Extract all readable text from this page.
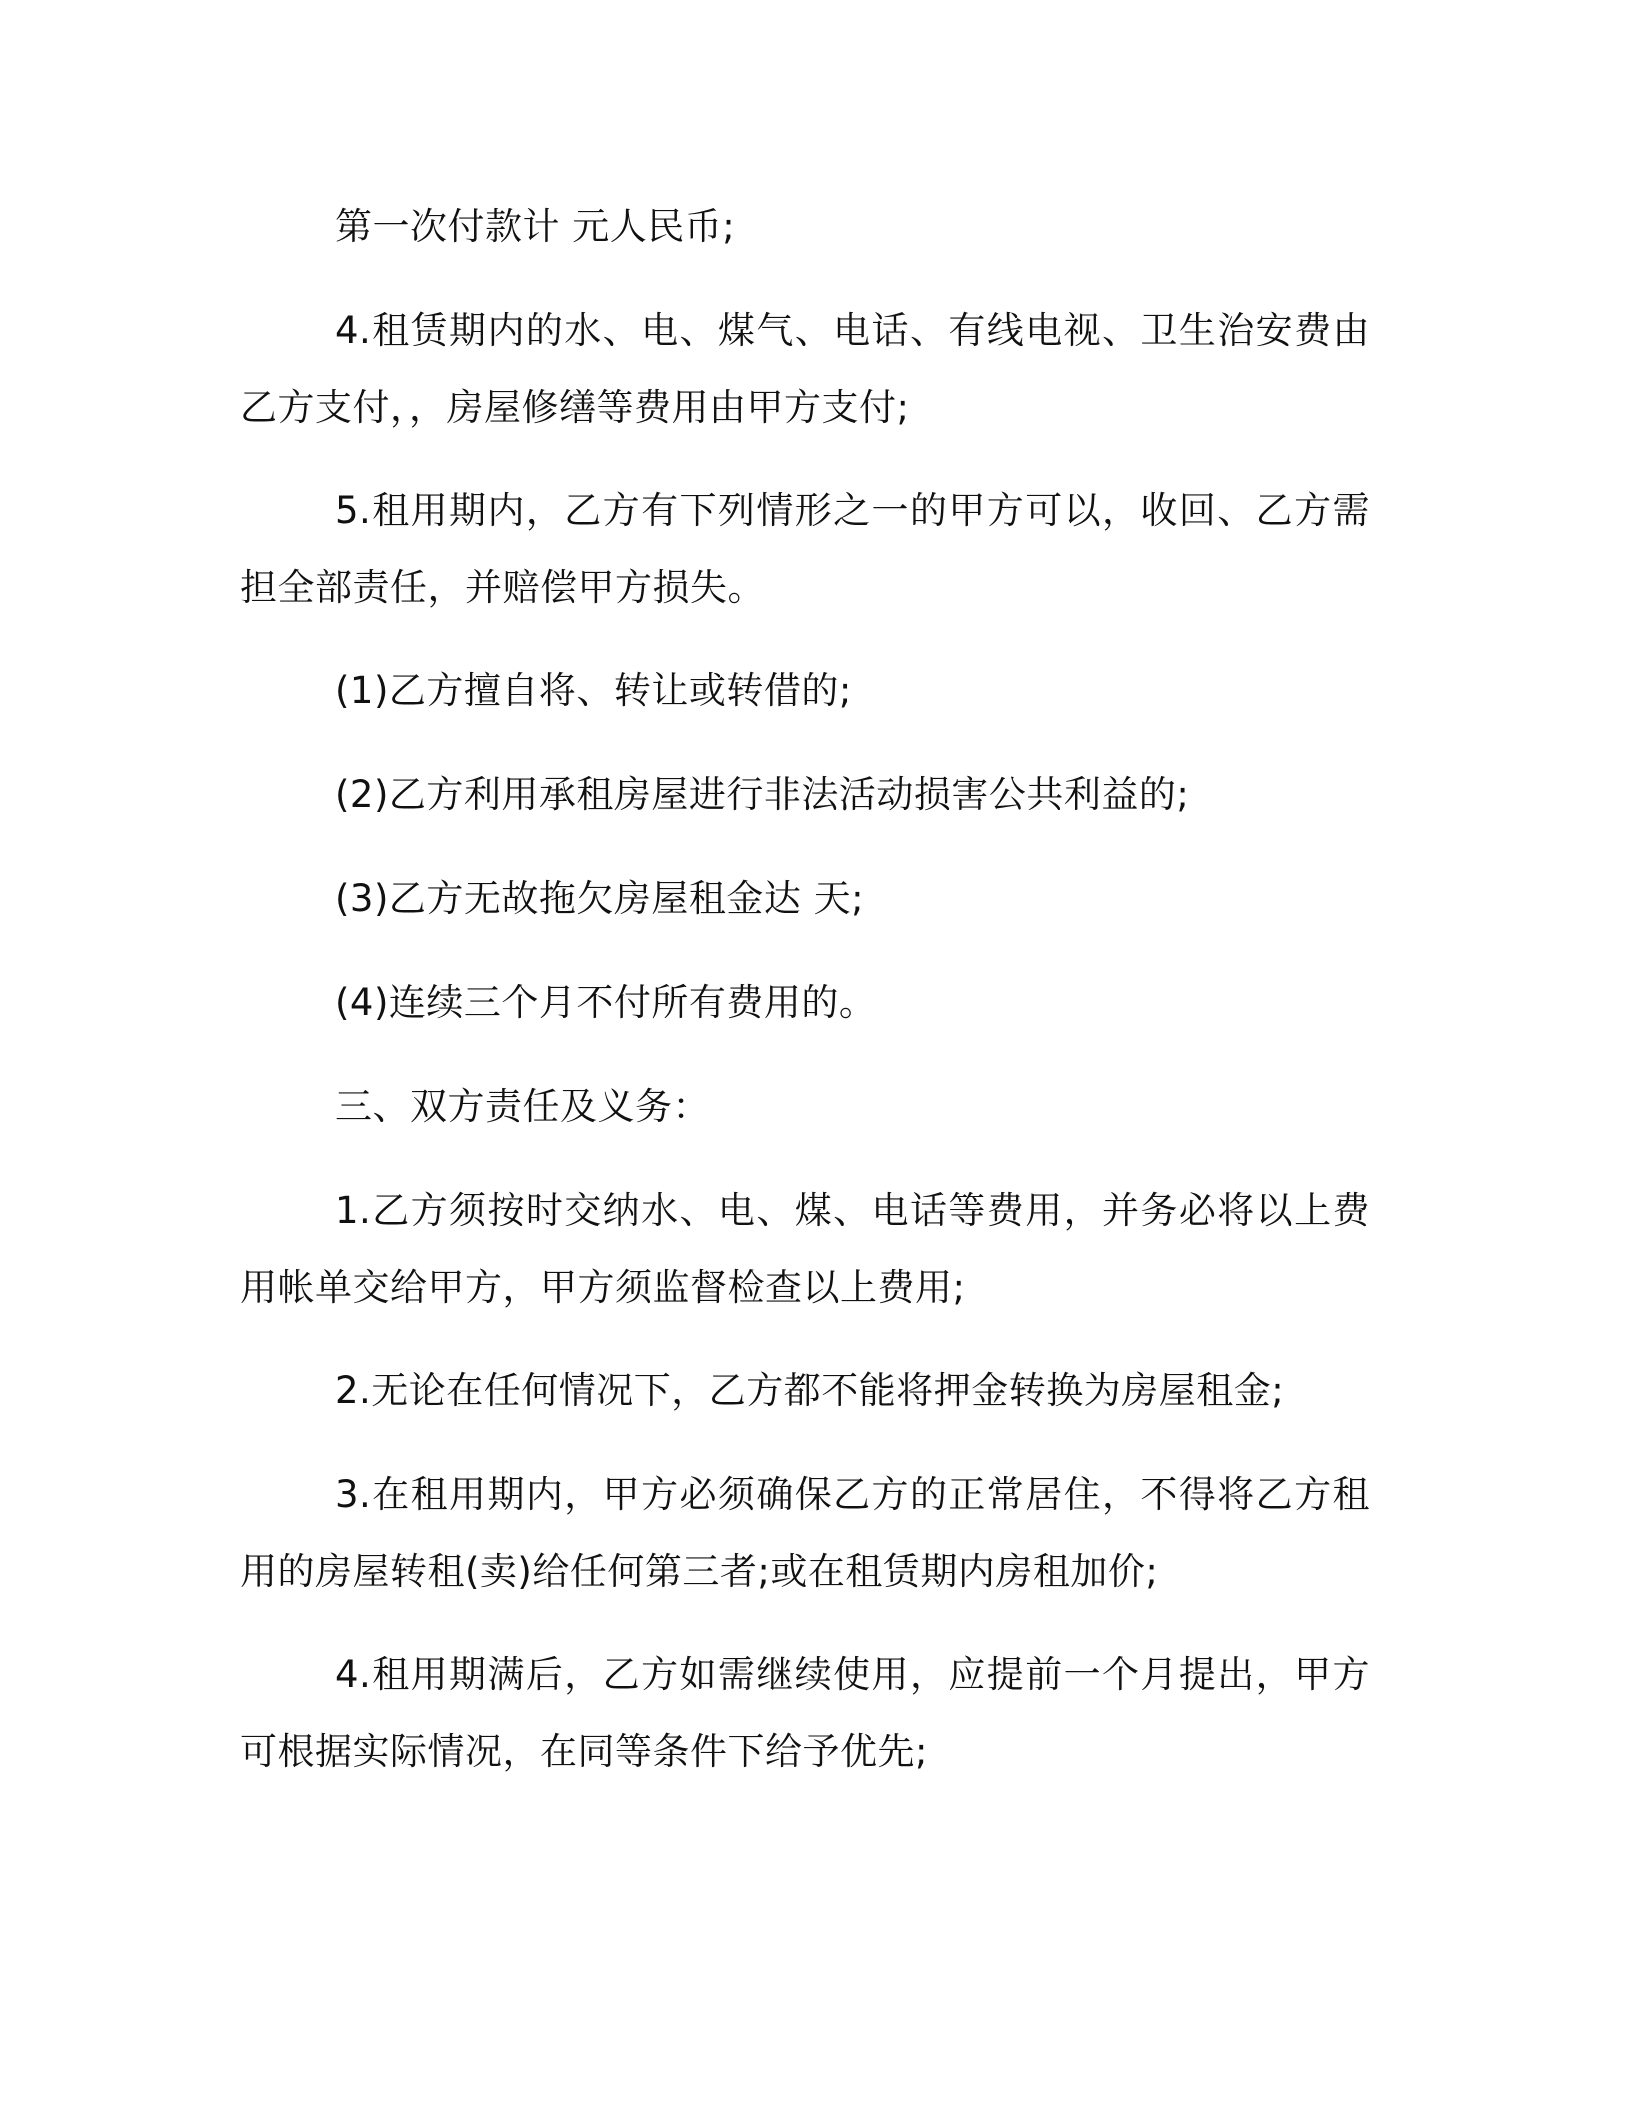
第一次付款计 元人民币;

4.租赁期内的水、电、煤气、电话、有线电视、卫生治安费由乙方支付，，房屋修缮等费用由甲方支付;

5.租用期内，乙方有下列情形之一的甲方可以，收回、乙方需担全部责任，并赔偿甲方损失。

(1)乙方擅自将、转让或转借的;

(2)乙方利用承租房屋进行非法活动损害公共利益的;

(3)乙方无故拖欠房屋租金达 天;

(4)连续三个月不付所有费用的。

三、双方责任及义务：

1.乙方须按时交纳水、电、煤、电话等费用，并务必将以上费用帐单交给甲方，甲方须监督检查以上费用;

2.无论在任何情况下，乙方都不能将押金转换为房屋租金;

3.在租用期内，甲方必须确保乙方的正常居住，不得将乙方租用的房屋转租(卖)给任何第三者;或在租赁期内房租加价;

4.租用期满后，乙方如需继续使用，应提前一个月提出，甲方可根据实际情况，在同等条件下给予优先;
